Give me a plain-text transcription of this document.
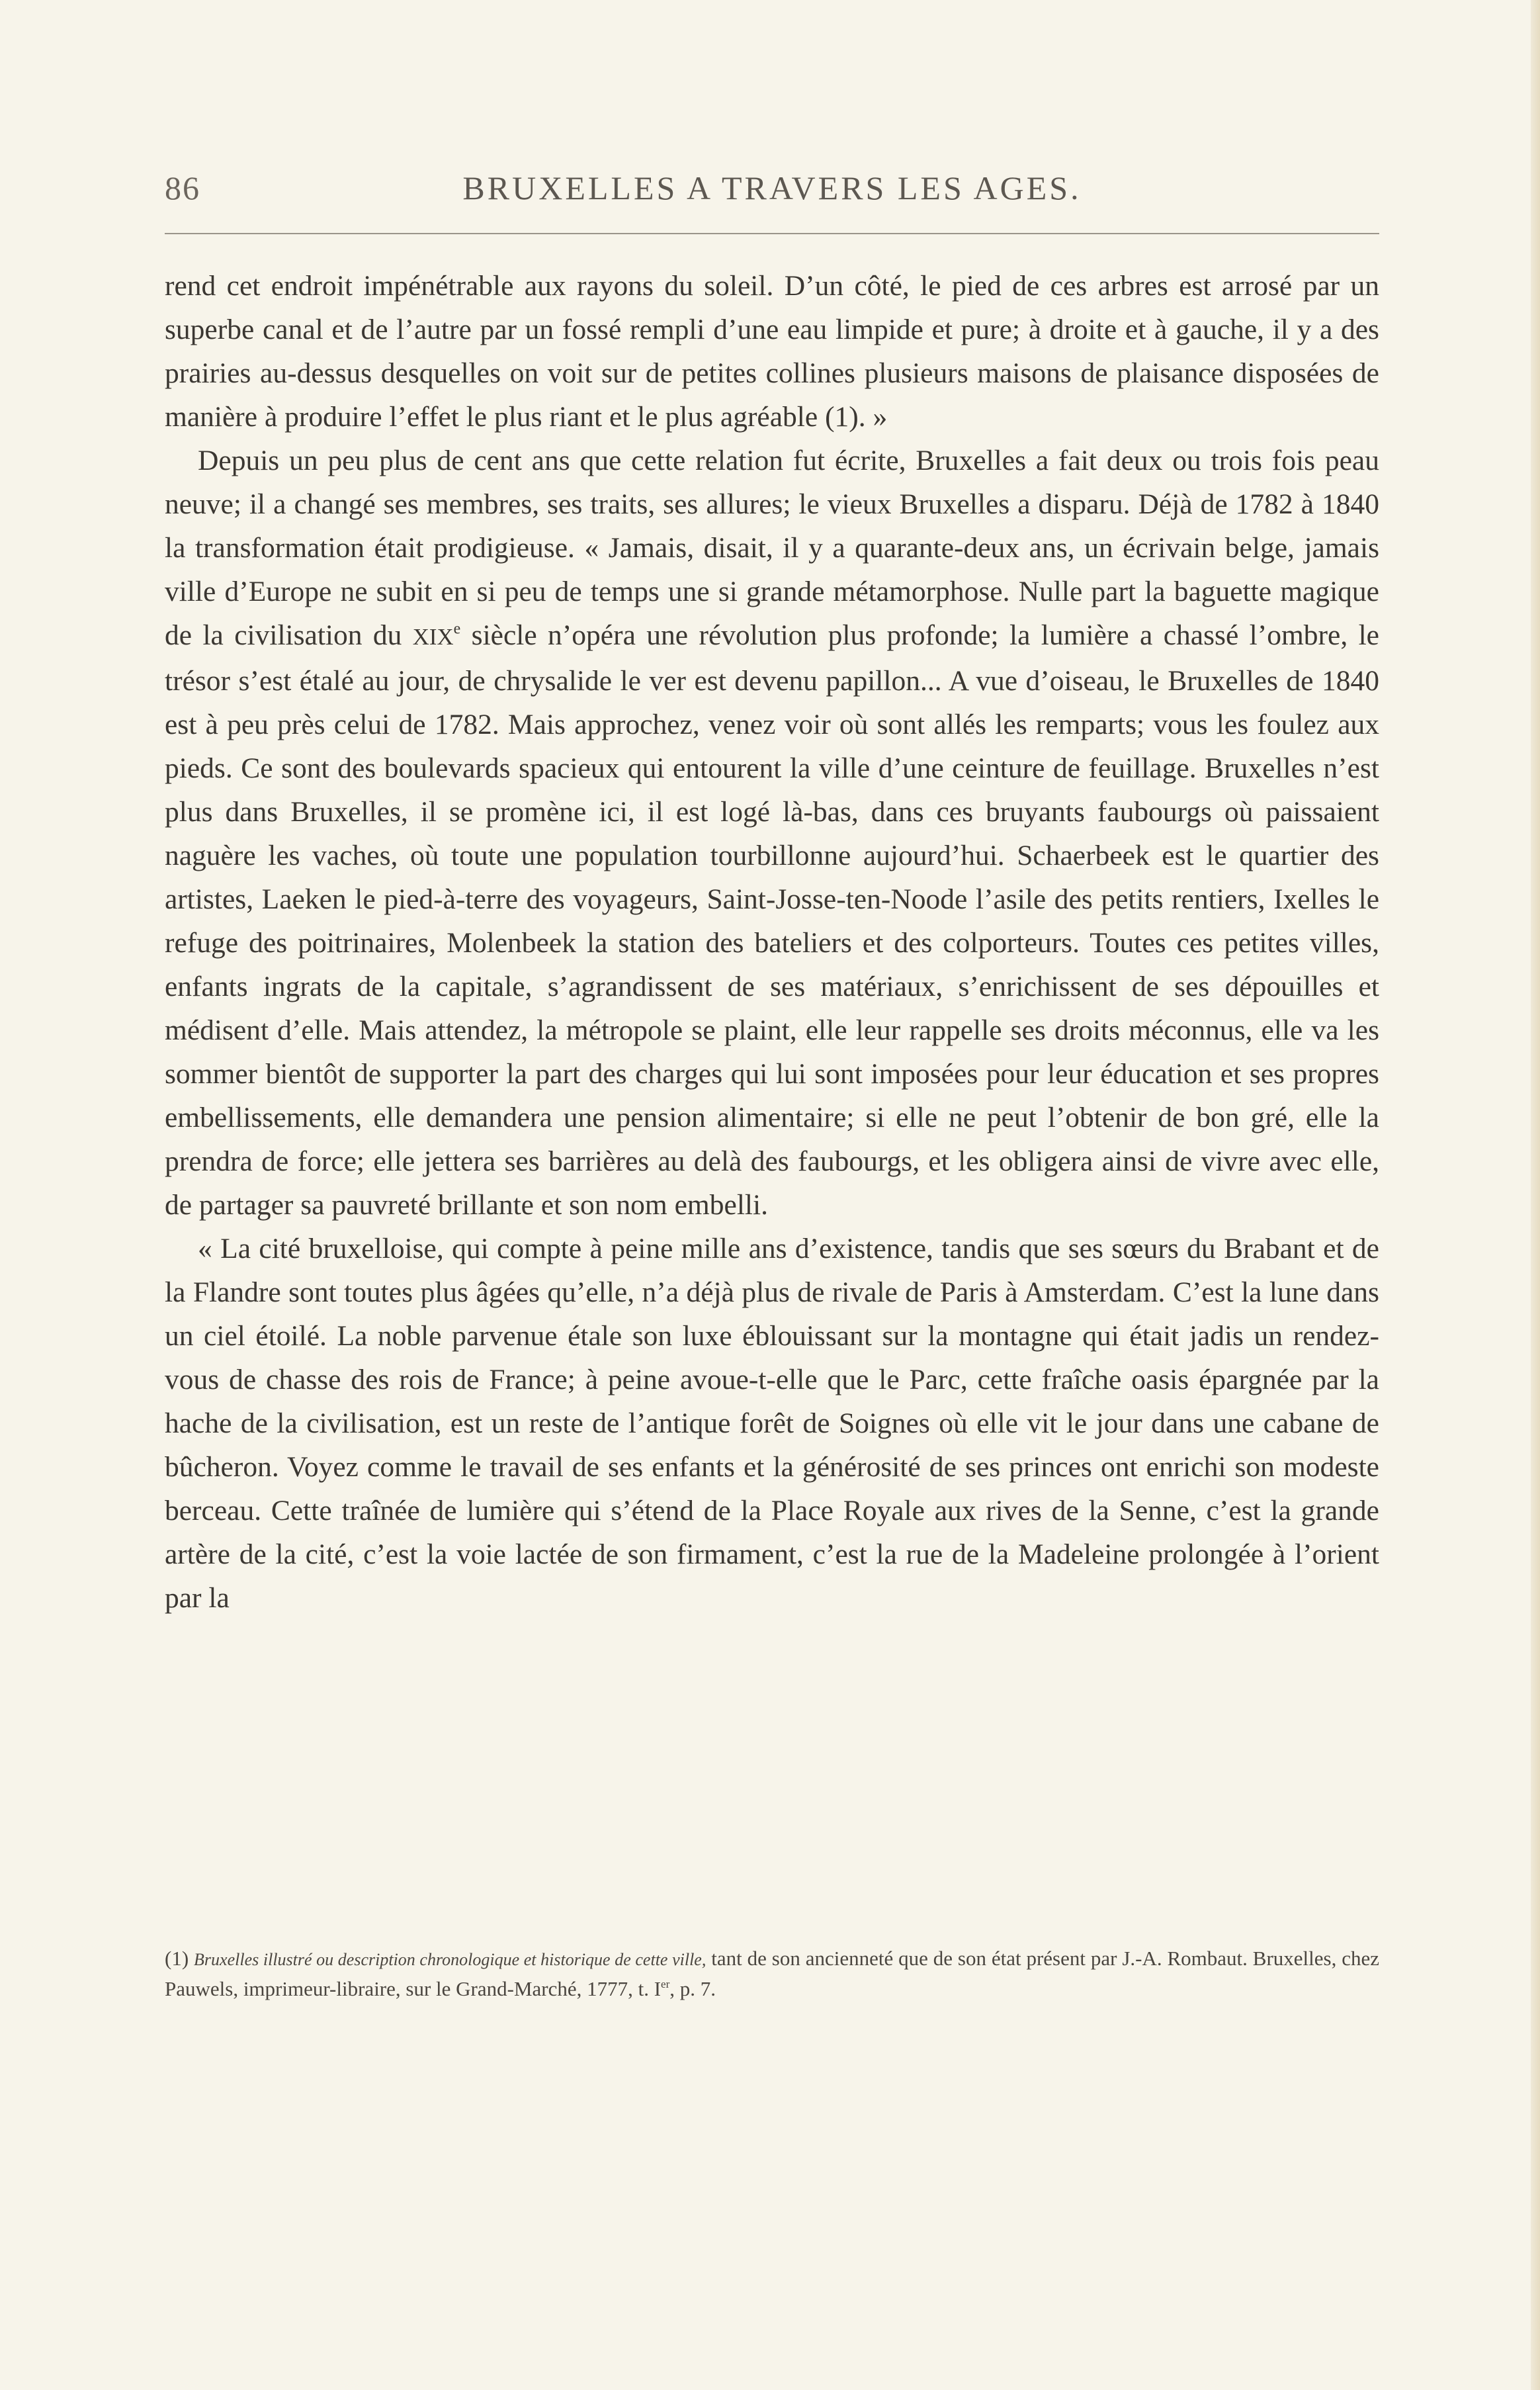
86	BRUXELLES A TRAVERS LES AGES.

rend cet endroit impénétrable aux rayons du soleil. D’un côté, le pied de ces arbres est arrosé par un superbe canal et de l’autre par un fossé rempli d’une eau limpide et pure; à droite et à gauche, il y a des prairies au-dessus desquelles on voit sur de petites collines plusieurs maisons de plaisance disposées de manière à produire l’effet le plus riant et le plus agréable (1). »

Depuis un peu plus de cent ans que cette relation fut écrite, Bruxelles a fait deux ou trois fois peau neuve; il a changé ses membres, ses traits, ses allures; le vieux Bruxelles a disparu. Déjà de 1782 à 1840 la transformation était prodigieuse. « Jamais, disait, il y a quarante-deux ans, un écrivain belge, jamais ville d’Europe ne subit en si peu de temps une si grande métamorphose. Nulle part la baguette magique de la civilisation du XIXe siècle n’opéra une révolution plus profonde; la lumière a chassé l’ombre, le trésor s’est étalé au jour, de chrysalide le ver est devenu papillon... A vue d’oiseau, le Bruxelles de 1840 est à peu près celui de 1782. Mais approchez, venez voir où sont allés les remparts; vous les foulez aux pieds. Ce sont des boulevards spacieux qui entourent la ville d’une ceinture de feuillage. Bruxelles n’est plus dans Bruxelles, il se promène ici, il est logé là-bas, dans ces bruyants faubourgs où paissaient naguère les vaches, où toute une population tourbillonne aujourd’hui. Schaerbeek est le quartier des artistes, Laeken le pied-à-terre des voyageurs, Saint-Josse-ten-Noode l’asile des petits rentiers, Ixelles le refuge des poitrinaires, Molenbeek la station des bateliers et des colporteurs. Toutes ces petites villes, enfants ingrats de la capitale, s’agrandissent de ses matériaux, s’enrichissent de ses dépouilles et médisent d’elle. Mais attendez, la métropole se plaint, elle leur rappelle ses droits méconnus, elle va les sommer bientôt de supporter la part des charges qui lui sont imposées pour leur éducation et ses propres embellissements, elle demandera une pension alimentaire; si elle ne peut l’obtenir de bon gré, elle la prendra de force; elle jettera ses barrières au delà des faubourgs, et les obligera ainsi de vivre avec elle, de partager sa pauvreté brillante et son nom embelli.

« La cité bruxelloise, qui compte à peine mille ans d’existence, tandis que ses sœurs du Brabant et de la Flandre sont toutes plus âgées qu’elle, n’a déjà plus de rivale de Paris à Amsterdam. C’est la lune dans un ciel étoilé. La noble parvenue étale son luxe éblouissant sur la montagne qui était jadis un rendez-vous de chasse des rois de France; à peine avoue-t-elle que le Parc, cette fraîche oasis épargnée par la hache de la civilisation, est un reste de l’antique forêt de Soignes où elle vit le jour dans une cabane de bûcheron. Voyez comme le travail de ses enfants et la générosité de ses princes ont enrichi son modeste berceau. Cette traînée de lumière qui s’étend de la Place Royale aux rives de la Senne, c’est la grande artère de la cité, c’est la voie lactée de son firmament, c’est la rue de la Madeleine prolongée à l’orient par la

(1) Bruxelles illustré ou description chronologique et historique de cette ville, tant de son ancienneté que de son état présent par J.-A. Rombaut. Bruxelles, chez Pauwels, imprimeur-libraire, sur le Grand-Marché, 1777, t. Ier, p. 7.
